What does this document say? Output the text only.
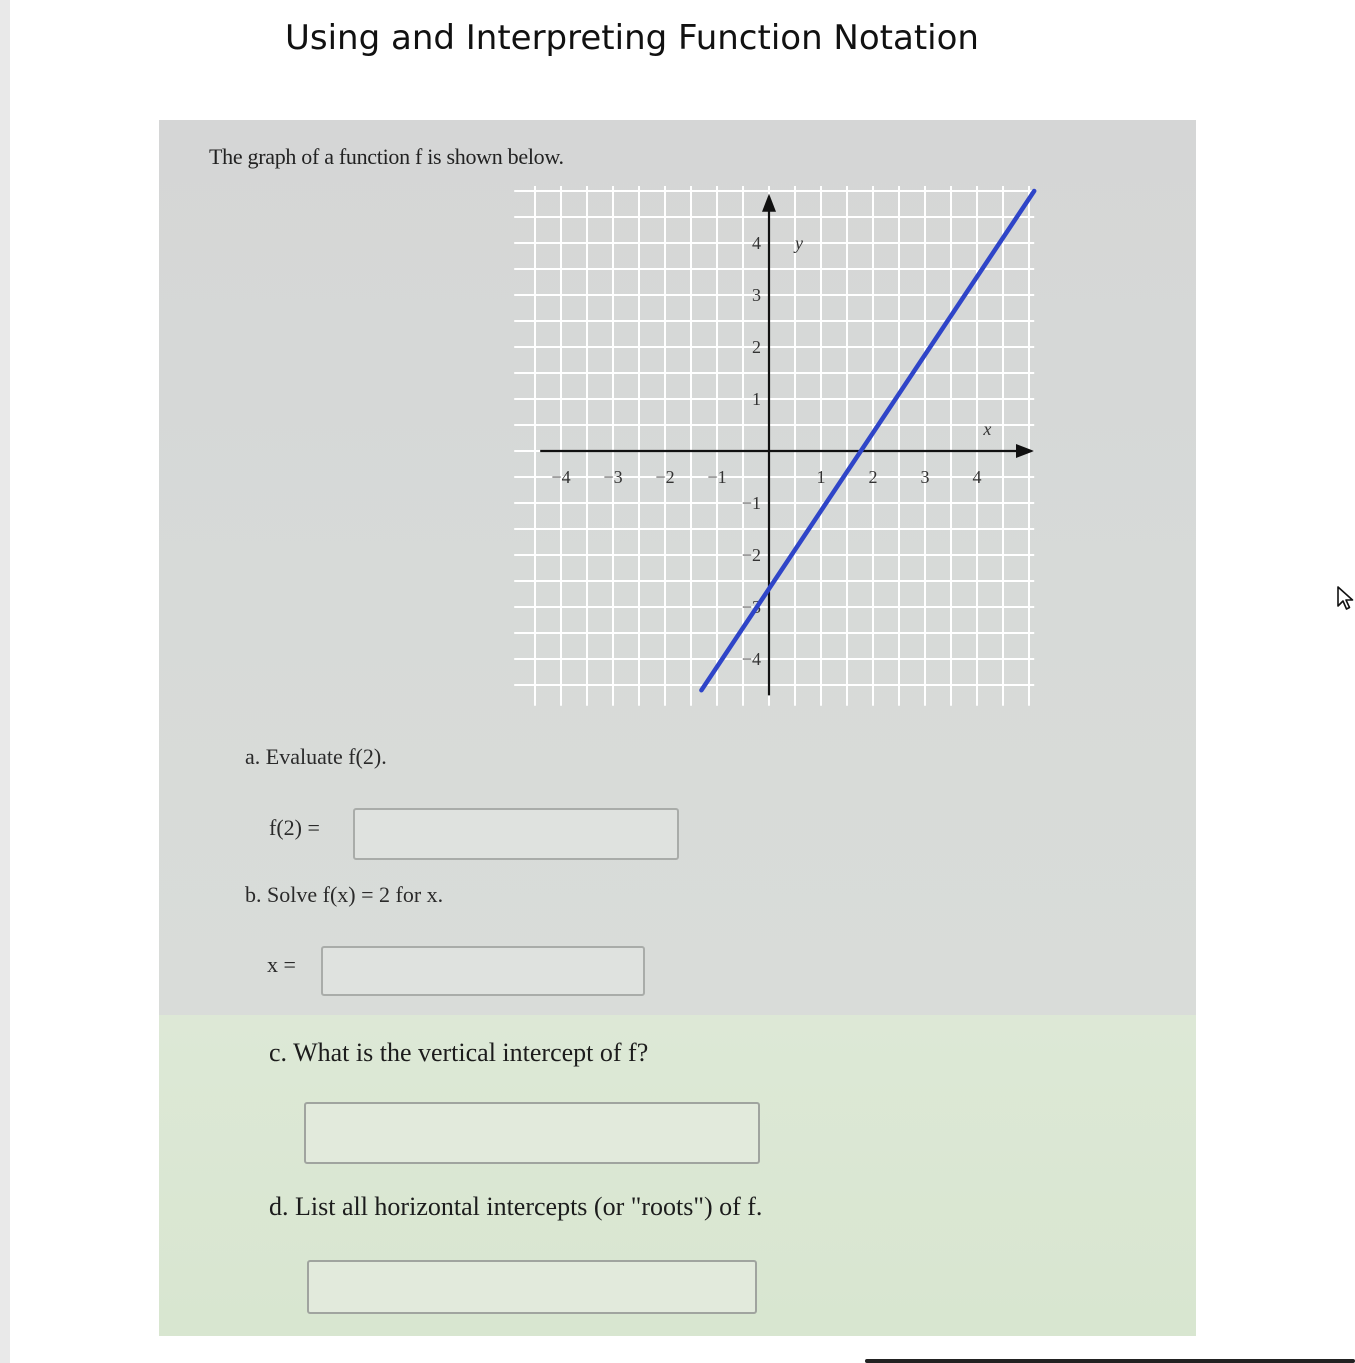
Using and Interpreting Function Notation
The graph of a function f is shown below.
−4 −3 −2 −1	1 2 3 4
4
3
2
1
−1
−2
−3
−4
x
y
a. Evaluate f(2).
f(2) =
b. Solve f(x) = 2 for x.
x =
c. What is the vertical intercept of f?
d. List all horizontal intercepts (or "roots") of f.
